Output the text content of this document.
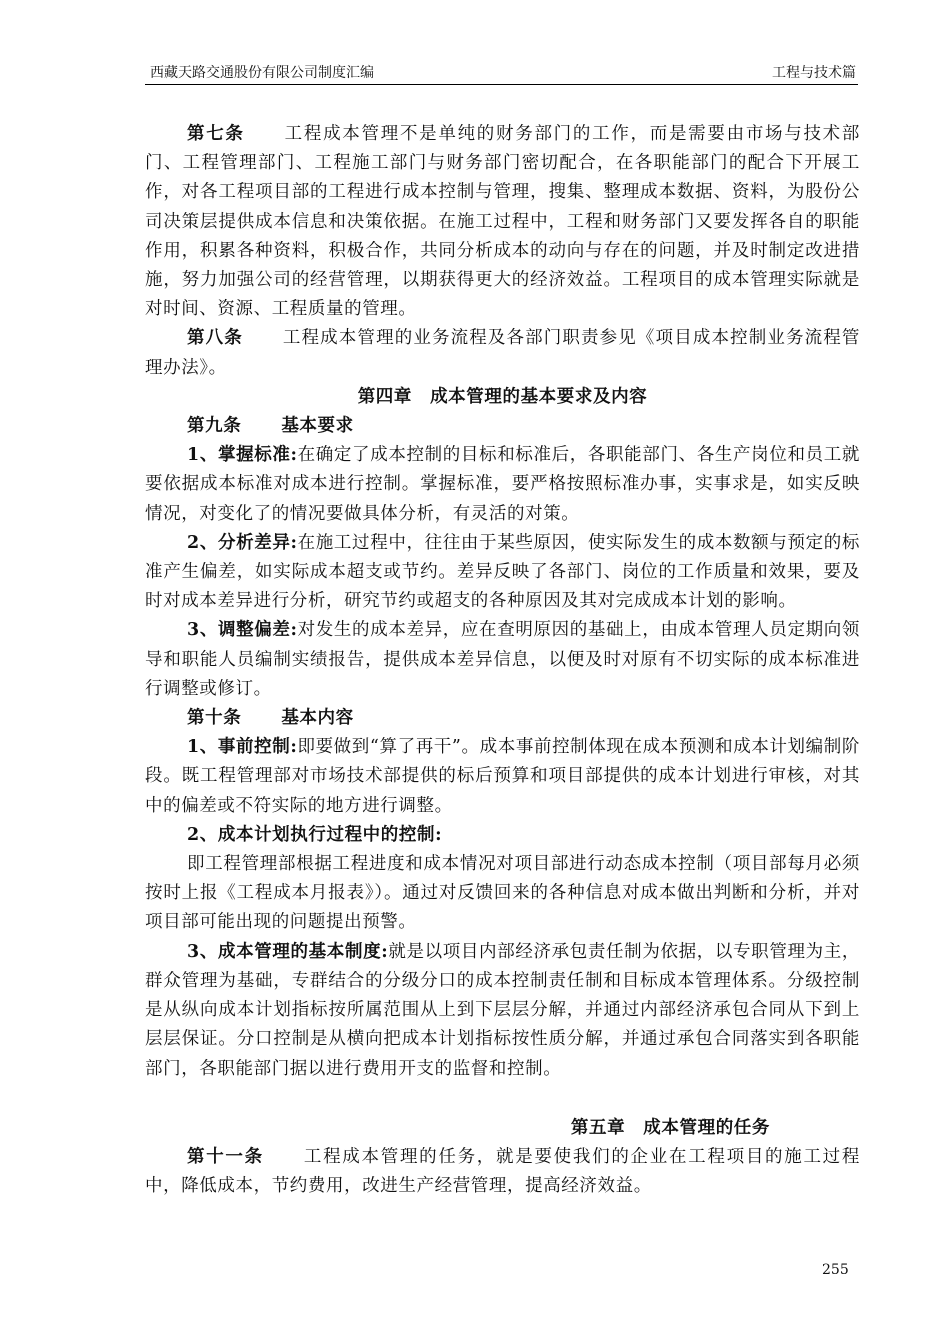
西藏天路交通股份有限公司制度汇编	工程与技术篇

第七条 工程成本管理不是单纯的财务部门的工作，而是需要由市场与技术部门、工程管理部门、工程施工部门与财务部门密切配合，在各职能部门的配合下开展工作，对各工程项目部的工程进行成本控制与管理，搜集、整理成本数据、资料，为股份公司决策层提供成本信息和决策依据。在施工过程中，工程和财务部门又要发挥各自的职能作用，积累各种资料，积极合作，共同分析成本的动向与存在的问题，并及时制定改进措施，努力加强公司的经营管理，以期获得更大的经济效益。工程项目的成本管理实际就是对时间、资源、工程质量的管理。

第八条 工程成本管理的业务流程及各部门职责参见《项目成本控制业务流程管理办法》。

第四章　成本管理的基本要求及内容

第九条 基本要求

1、掌握标准:在确定了成本控制的目标和标准后，各职能部门、各生产岗位和员工就要依据成本标准对成本进行控制。掌握标准，要严格按照标准办事，实事求是，如实反映情况，对变化了的情况要做具体分析，有灵活的对策。

2、分析差异:在施工过程中，往往由于某些原因，使实际发生的成本数额与预定的标准产生偏差，如实际成本超支或节约。差异反映了各部门、岗位的工作质量和效果，要及时对成本差异进行分析，研究节约或超支的各种原因及其对完成成本计划的影响。

3、调整偏差:对发生的成本差异，应在查明原因的基础上，由成本管理人员定期向领导和职能人员编制实绩报告，提供成本差异信息，以便及时对原有不切实际的成本标准进行调整或修订。

第十条 基本内容

1、事前控制:即要做到“算了再干”。成本事前控制体现在成本预测和成本计划编制阶段。既工程管理部对市场技术部提供的标后预算和项目部提供的成本计划进行审核，对其中的偏差或不符实际的地方进行调整。

2、成本计划执行过程中的控制:

即工程管理部根据工程进度和成本情况对项目部进行动态成本控制（项目部每月必须按时上报《工程成本月报表》）。通过对反馈回来的各种信息对成本做出判断和分析，并对项目部可能出现的问题提出预警。

3、成本管理的基本制度:就是以项目内部经济承包责任制为依据，以专职管理为主，群众管理为基础，专群结合的分级分口的成本控制责任制和目标成本管理体系。分级控制是从纵向成本计划指标按所属范围从上到下层层分解，并通过内部经济承包合同从下到上层层保证。分口控制是从横向把成本计划指标按性质分解，并通过承包合同落实到各职能部门，各职能部门据以进行费用开支的监督和控制。

第五章　成本管理的任务

第十一条 工程成本管理的任务，就是要使我们的企业在工程项目的施工过程中，降低成本，节约费用，改进生产经营管理，提高经济效益。

255
